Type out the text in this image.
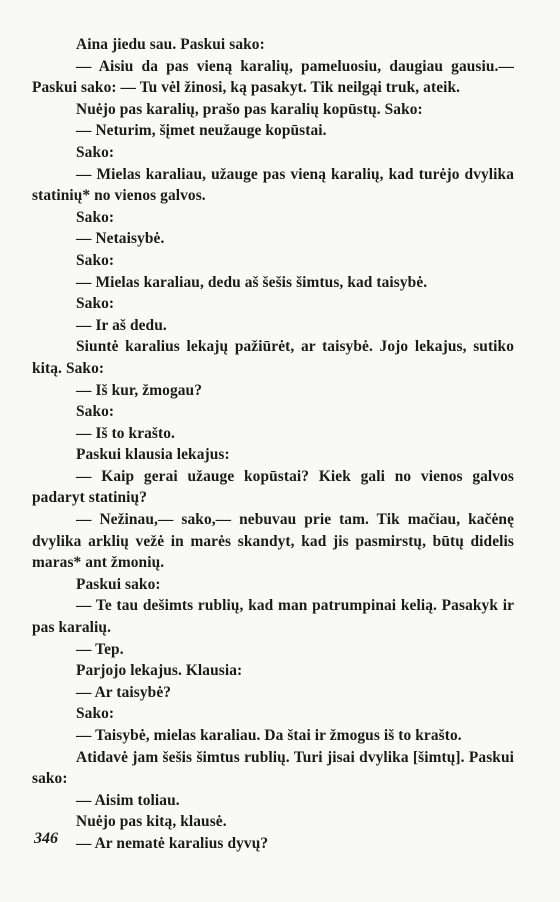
Aina jiedu sau. Paskui sako:

— Aisiu da pas vieną karalių, pameluosiu, daugiau gausiu.— Paskui sako: — Tu vėl žinosi, ką pasakyt. Tik neilgąi truk, ateik.

Nuėjo pas karalių, prašo pas karalių kopūstų. Sako:

— Neturim, šįmet neužauge kopūstai.

Sako:

— Mielas karaliau, užauge pas vieną karalių, kad turėjo dvylika statinių* no vienos galvos.

Sako:

— Netaisybė.

Sako:

— Mielas karaliau, dedu aš šešis šimtus, kad taisybė.

Sako:

— Ir aš dedu.

Siuntė karalius lekajų pažiūrėt, ar taisybė. Jojo lekajus, sutiko kitą. Sako:

— Iš kur, žmogau?

Sako:

— Iš to krašto.

Paskui klausia lekajus:

— Kaip gerai užauge kopūstai? Kiek gali no vienos galvos padaryt statinių?

— Nežinau,— sako,— nebuvau prie tam. Tik mačiau, kačėnę dvylika arklių vežė in marės skandyt, kad jis pasmirstų, būtų didelis maras* ant žmonių.

Paskui sako:

— Te tau dešimts rublių, kad man patrumpinai kelią. Pasakyk ir pas karalių.

— Tep.

Parjojo lekajus. Klausia:

— Ar taisybė?

Sako:

— Taisybė, mielas karaliau. Da štai ir žmogus iš to krašto.

Atidavė jam šešis šimtus rublių. Turi jisai dvylika [šimtų]. Paskui sako:

— Aisim toliau.

Nuėjo pas kitą, klausė.

— Ar nematė karalius dyvų?

346
